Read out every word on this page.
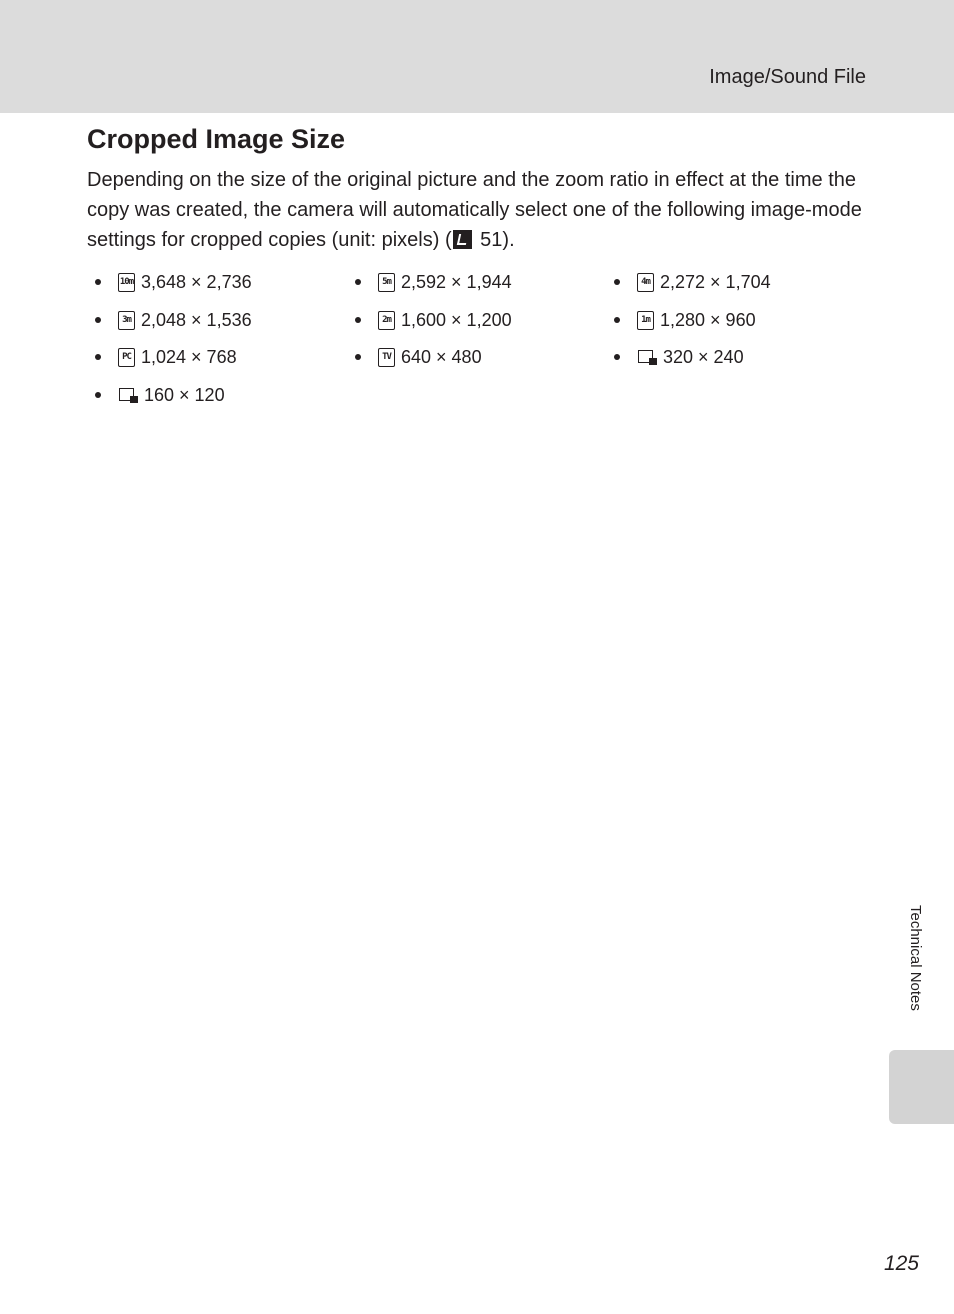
Image/Sound File
Cropped Image Size

Depending on the size of the original picture and the zoom ratio in effect at the time the copy was created, the camera will automatically select one of the following image-mode settings for cropped copies (unit: pixels) ( 51).

10m 3,648 × 2,736	5m 2,592 × 1,944	4m 2,272 × 1,704
3m 2,048 × 1,536	2m 1,600 × 1,200	1m 1,280 × 960
PC 1,024 × 768	TV 640 × 480	320 × 240
160 × 120
Technical Notes
125
